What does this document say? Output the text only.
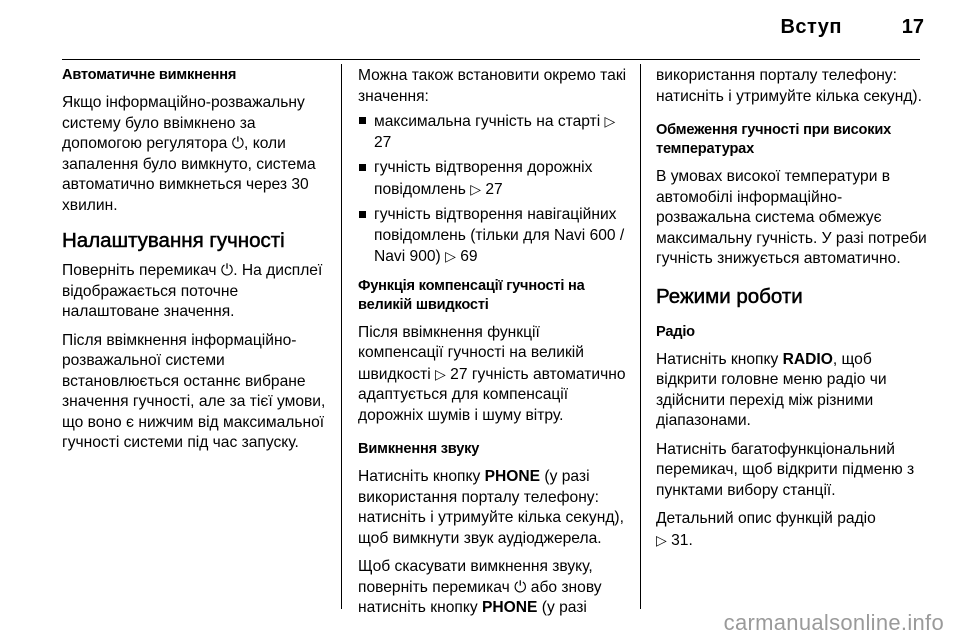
Вступ	17

Автоматичне вимкнення

Якщо інформаційно-розважальну систему було ввімкнено за допомогою регулятора ⏻, коли запалення було вимкнуто, система автоматично вимкнеться через 30 хвилин.

Налаштування гучності

Поверніть перемикач ⏻. На дисплеї відображається поточне налаштоване значення.

Після ввімкнення інформаційно-розважальної системи встановлюється останнє вибране значення гучності, але за тієї умови, що воно є нижчим від максимальної гучності системи під час запуску.

Можна також встановити окремо такі значення:

максимальна гучність на старті ▷ 27
гучність відтворення дорожніх повідомлень ▷ 27
гучність відтворення навігаційних повідомлень (тільки для Navi 600 / Navi 900) ▷ 69

Функція компенсації гучності на великій швидкості

Після ввімкнення функції компенсації гучності на великій швидкості ▷ 27 гучність автоматично адаптується для компенсації дорожніх шумів і шуму вітру.

Вимкнення звуку

Натисніть кнопку PHONE (у разі використання порталу телефону: натисніть і утримуйте кілька секунд), щоб вимкнути звук аудіоджерела.

Щоб скасувати вимкнення звуку, поверніть перемикач ⏻ або знову натисніть кнопку PHONE (у разі

використання порталу телефону: натисніть і утримуйте кілька секунд).

Обмеження гучності при високих температурах

В умовах високої температури в автомобілі інформаційно-розважальна система обмежує максимальну гучність. У разі потреби гучність знижується автоматично.

Режими роботи

Радіо

Натисніть кнопку RADIO, щоб відкрити головне меню радіо чи здійснити перехід між різними діапазонами.

Натисніть багатофункціональний перемикач, щоб відкрити підменю з пунктами вибору станції.

Детальний опис функцій радіо
▷ 31.

carmanualsonline.info
